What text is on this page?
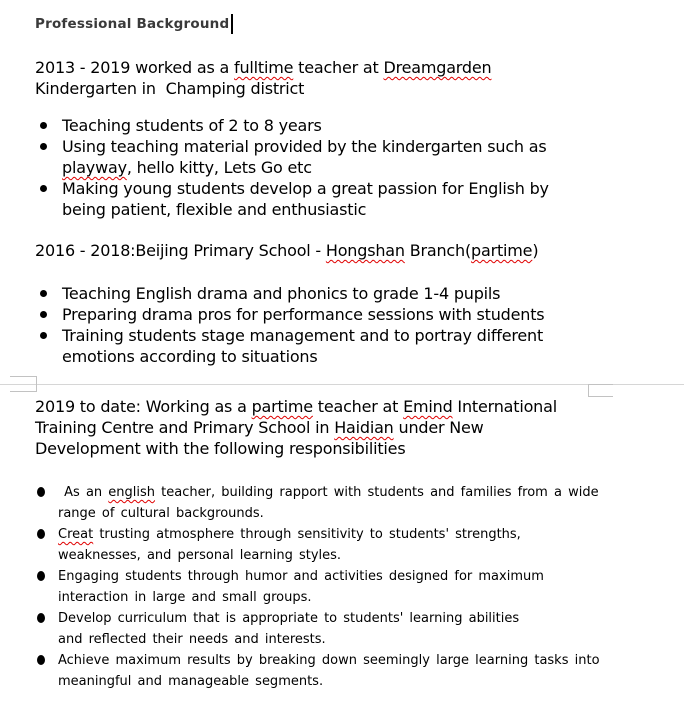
Professional Background
2013 - 2019 worked as a fulltime teacher at Dreamgarden
Kindergarten in  Champing district
Teaching students of 2 to 8 years
Using teaching material provided by the kindergarten such as
playway, hello kitty, Lets Go etc
Making young students develop a great passion for English by
being patient, flexible and enthusiastic
2016 - 2018:Beijing Primary School - Hongshan Branch(partime)
Teaching English drama and phonics to grade 1-4 pupils
Preparing drama pros for performance sessions with students
Training students stage management and to portray different
emotions according to situations
2019 to date: Working as a partime teacher at Emind International
Training Centre and Primary School in Haidian under New
Development with the following responsibilities
As an english teacher, building rapport with students and families from a wide
range of cultural backgrounds.
Creat trusting atmosphere through sensitivity to students' strengths,
weaknesses, and personal learning styles.
Engaging students through humor and activities designed for maximum
interaction in large and small groups.
Develop curriculum that is appropriate to students' learning abilities
and reflected their needs and interests.
Achieve maximum results by breaking down seemingly large learning tasks into
meaningful and manageable segments.
